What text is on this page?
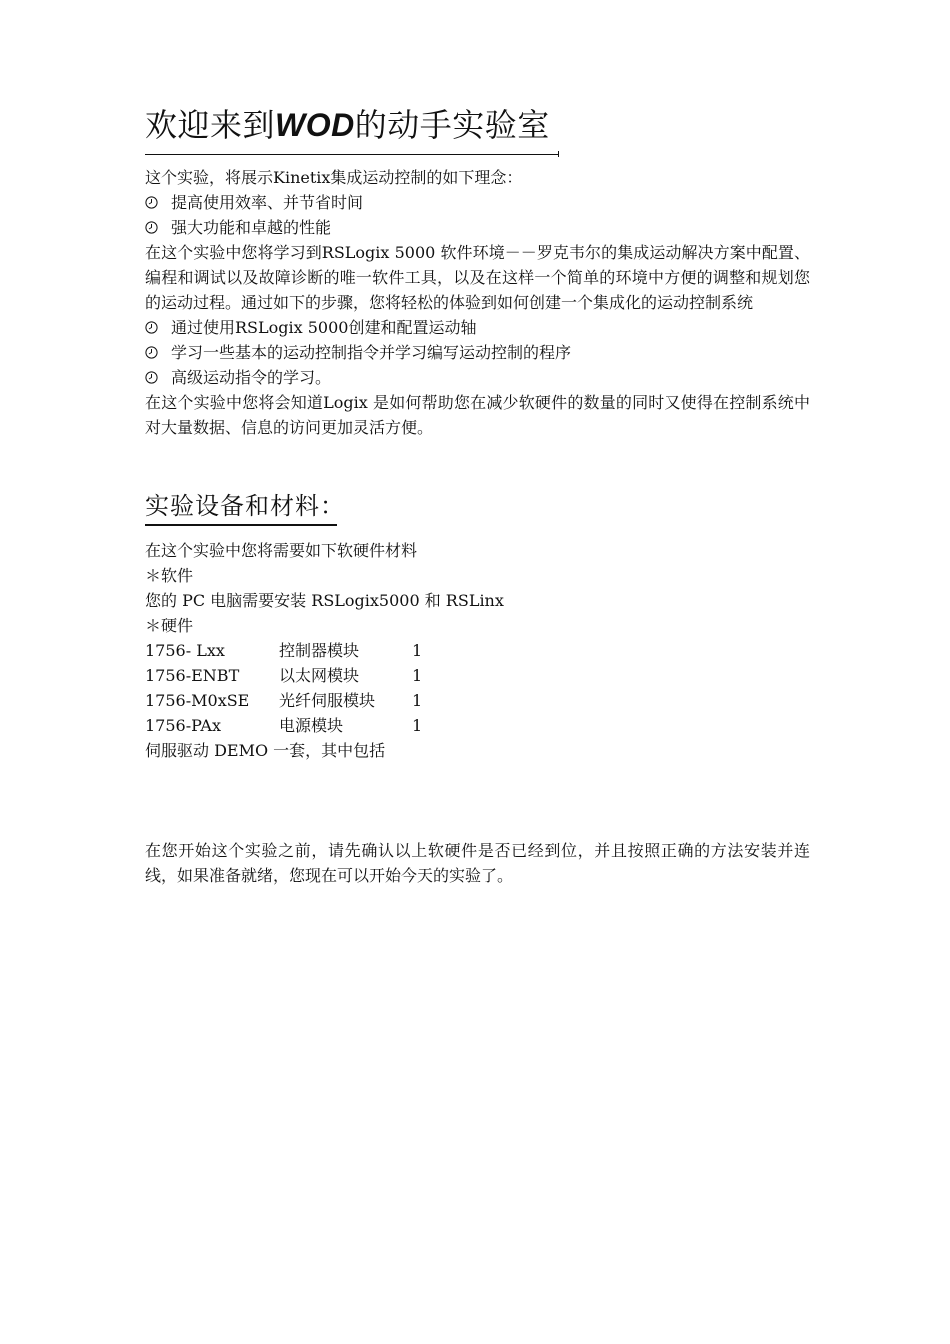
欢迎来到WOD的动手实验室
这个实验，将展示Kinetix集成运动控制的如下理念：
提高使用效率、并节省时间
强大功能和卓越的性能
在这个实验中您将学习到RSLogix 5000 软件环境－－罗克韦尔的集成运动解决方案中配置、编程和调试以及故障诊断的唯一软件工具，以及在这样一个简单的环境中方便的调整和规划您的运动过程。通过如下的步骤，您将轻松的体验到如何创建一个集成化的运动控制系统
通过使用RSLogix 5000创建和配置运动轴
学习一些基本的运动控制指令并学习编写运动控制的程序
高级运动指令的学习。
在这个实验中您将会知道Logix 是如何帮助您在减少软硬件的数量的同时又使得在控制系统中对大量数据、信息的访问更加灵活方便。
实验设备和材料：
在这个实验中您将需要如下软硬件材料
＊软件
您的 PC 电脑需要安装 RSLogix5000 和 RSLinx
＊硬件
1756- Lxx	控制器模块	1
1756-ENBT	以太网模块	1
1756-M0xSE	光纤伺服模块	1
1756-PAx	电源模块	1
伺服驱动 DEMO 一套，其中包括
在您开始这个实验之前，请先确认以上软硬件是否已经到位，并且按照正确的方法安装并连线，如果准备就绪，您现在可以开始今天的实验了。
